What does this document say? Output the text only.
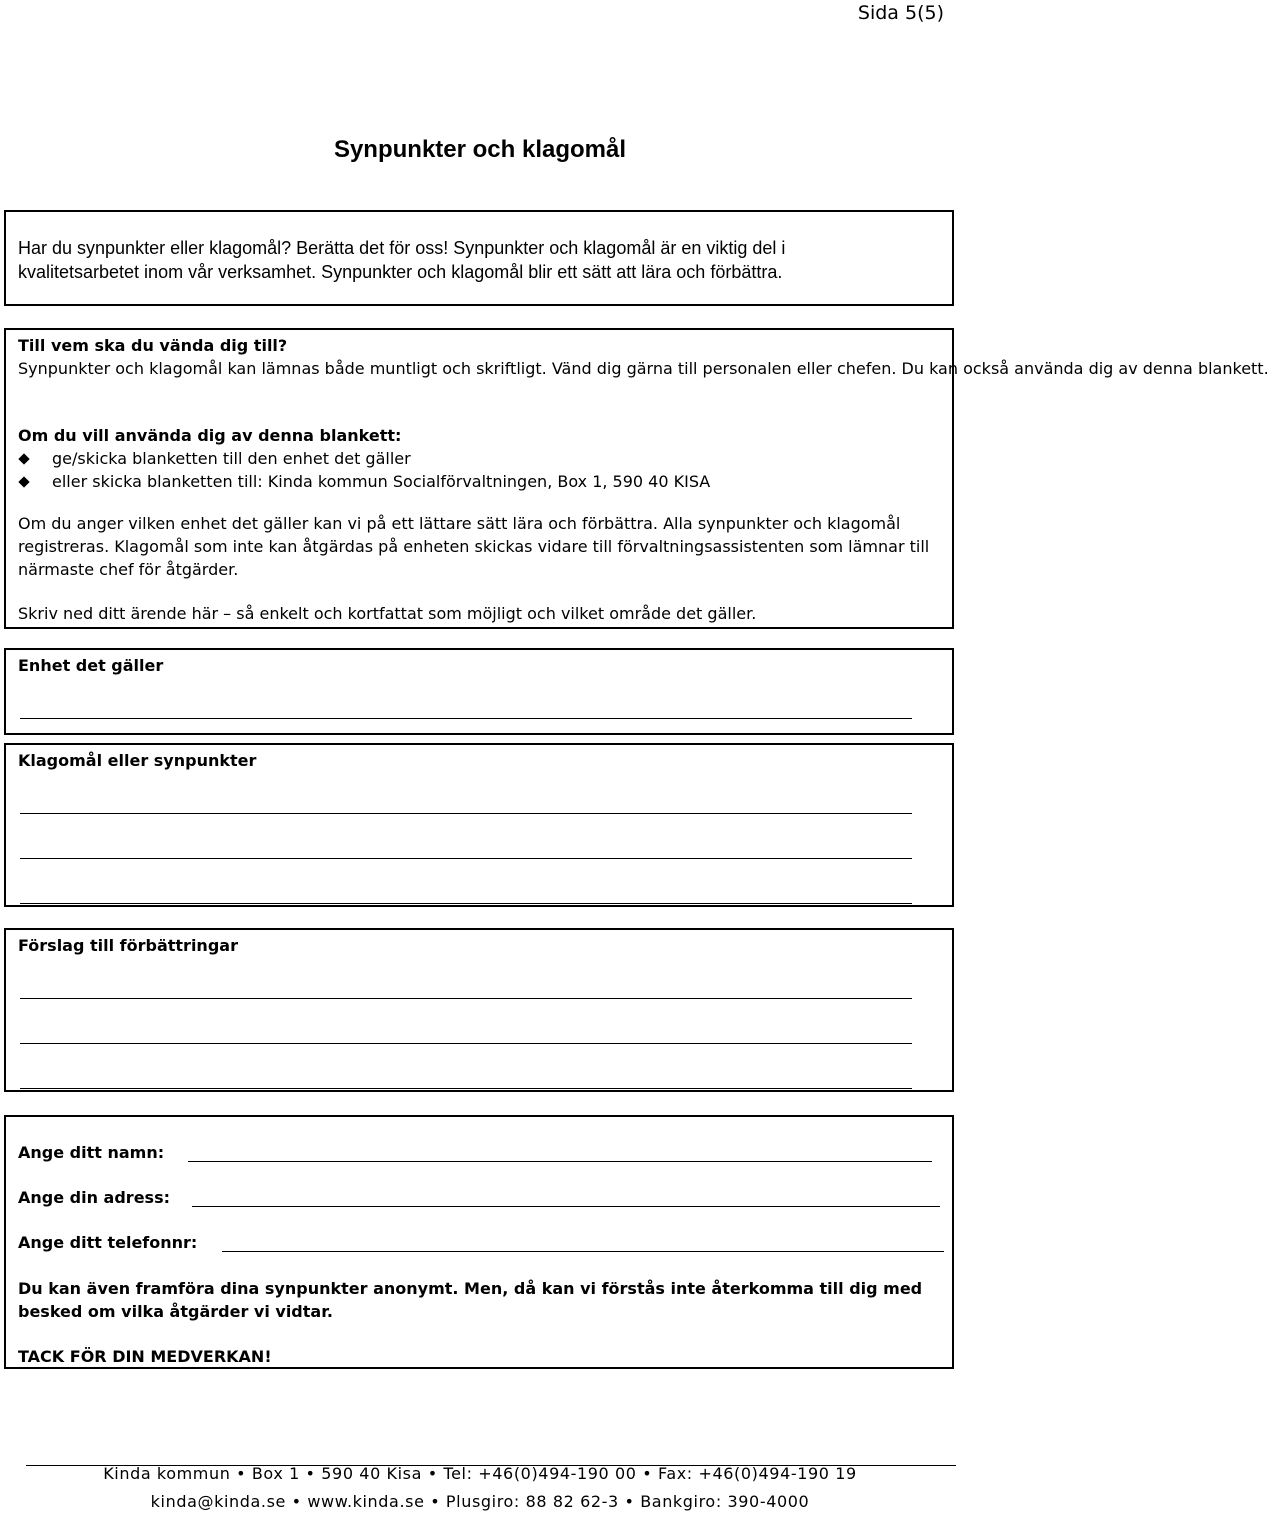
Sida 5(5)
Synpunkter och klagomål

Har du synpunkter eller klagomål? Berätta det för oss! Synpunkter och klagomål är en viktig del i

kvalitetsarbetet inom vår verksamhet. Synpunkter och klagomål blir ett sätt att lära och förbättra.

Till vem ska du vända dig till?

Synpunkter och klagomål kan lämnas både muntligt och skriftligt. Vänd dig gärna till personalen eller chefen. Du kan också använda dig av denna blankett.

Om du vill använda dig av denna blankett:

ge/skicka blanketten till den enhet det gäller
eller skicka blanketten till: Kinda kommun Socialförvaltningen, Box 1, 590 40 KISA

Om du anger vilken enhet det gäller kan vi på ett lättare sätt lära och förbättra. Alla synpunkter och klagomål registreras. Klagomål som inte kan åtgärdas på enheten skickas vidare till förvaltningsassistenten som lämnar till närmaste chef för åtgärder.

Skriv ned ditt ärende här – så enkelt och kortfattat som möjligt och vilket område det gäller.

Enhet det gäller

Klagomål eller synpunkter

Förslag till förbättringar

Ange ditt namn:
Ange din adress:
Ange ditt telefonnr:

Du kan även framföra dina synpunkter anonymt. Men, då kan vi förstås inte återkomma till dig med besked om vilka åtgärder vi vidtar.

TACK FÖR DIN MEDVERKAN!

Kinda kommun • Box 1 • 590 40 Kisa • Tel: +46(0)494-190 00 • Fax: +46(0)494-190 19
kinda@kinda.se • www.kinda.se • Plusgiro: 88 82 62-3 • Bankgiro: 390-4000
